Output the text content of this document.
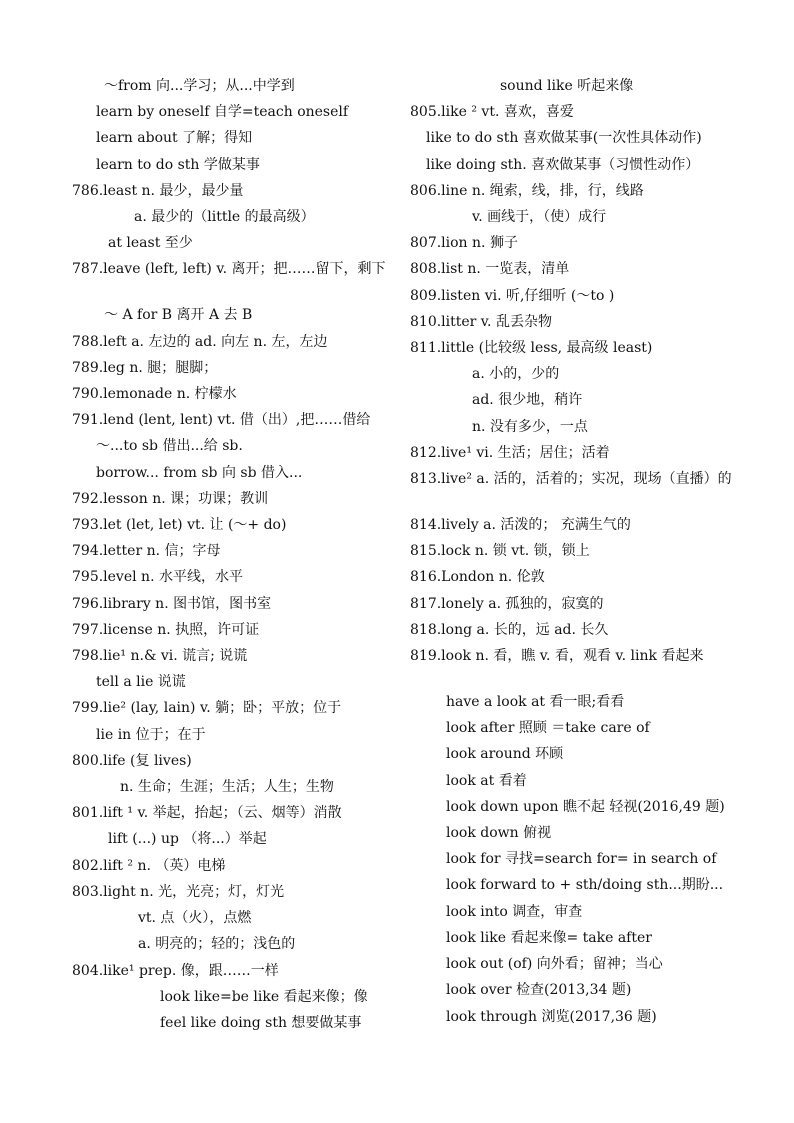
～from 向...学习；从...中学到
learn by oneself 自学=teach oneself
learn about 了解；得知
learn to do sth 学做某事
786.least n. 最少，最少量
a. 最少的（little 的最高级）
at least 至少
787.leave (left, left) v. 离开；把……留下，剩下
～ A for B 离开 A 去 B
788.left a. 左边的 ad. 向左 n. 左，左边
789.leg n. 腿；腿脚；
790.lemonade n. 柠檬水
791.lend (lent, lent) vt. 借（出）,把……借给
～...to sb 借出...给 sb.
borrow... from sb 向 sb 借入...
792.lesson n. 课；功课；教训
793.let (let, let) vt. 让 (～+ do)
794.letter n. 信；字母
795.level n. 水平线，水平
796.library n. 图书馆，图书室
797.license n. 执照，许可证
798.lie¹ n.& vi. 谎言; 说谎
tell a lie 说谎
799.lie² (lay, lain) v. 躺；卧；平放；位于
lie in 位于；在于
800.life (复 lives)
n. 生命；生涯；生活；人生；生物
801.lift ¹ v. 举起，抬起；（云、烟等）消散
lift (...) up （将...）举起
802.lift ² n. （英）电梯
803.light n. 光，光亮；灯，灯光
vt. 点（火），点燃
a. 明亮的；轻的；浅色的
804.like¹ prep. 像，跟……一样
look like=be like 看起来像；像
feel like doing sth 想要做某事
sound like 听起来像
805.like ² vt. 喜欢，喜爱
like to do sth 喜欢做某事(一次性具体动作)
like doing sth. 喜欢做某事（习惯性动作）
806.line n. 绳索，线，排，行，线路
v. 画线于，（使）成行
807.lion n. 狮子
808.list n. 一览表，清单
809.listen vi. 听,仔细听 (～to )
810.litter v. 乱丢杂物
811.little (比较级 less, 最高级 least)
a. 小的，少的
ad. 很少地，稍许
n. 没有多少，一点
812.live¹ vi. 生活；居住；活着
813.live² a. 活的，活着的；实况，现场（直播）的
814.lively a. 活泼的； 充满生气的
815.lock n. 锁 vt. 锁，锁上
816.London n. 伦敦
817.lonely a. 孤独的，寂寞的
818.long a. 长的，远 ad. 长久
819.look n. 看，瞧 v. 看，观看 v. link 看起来
have a look at 看一眼;看看
look after 照顾 ＝take care of
look around 环顾
look at 看着
look down upon 瞧不起 轻视(2016,49 题)
look down 俯视
look for 寻找=search for= in search of
look forward to + sth/doing sth...期盼...
look into 调查，审查
look like 看起来像= take after
look out (of) 向外看；留神；当心
look over 检查(2013,34 题)
look through 浏览(2017,36 题)
